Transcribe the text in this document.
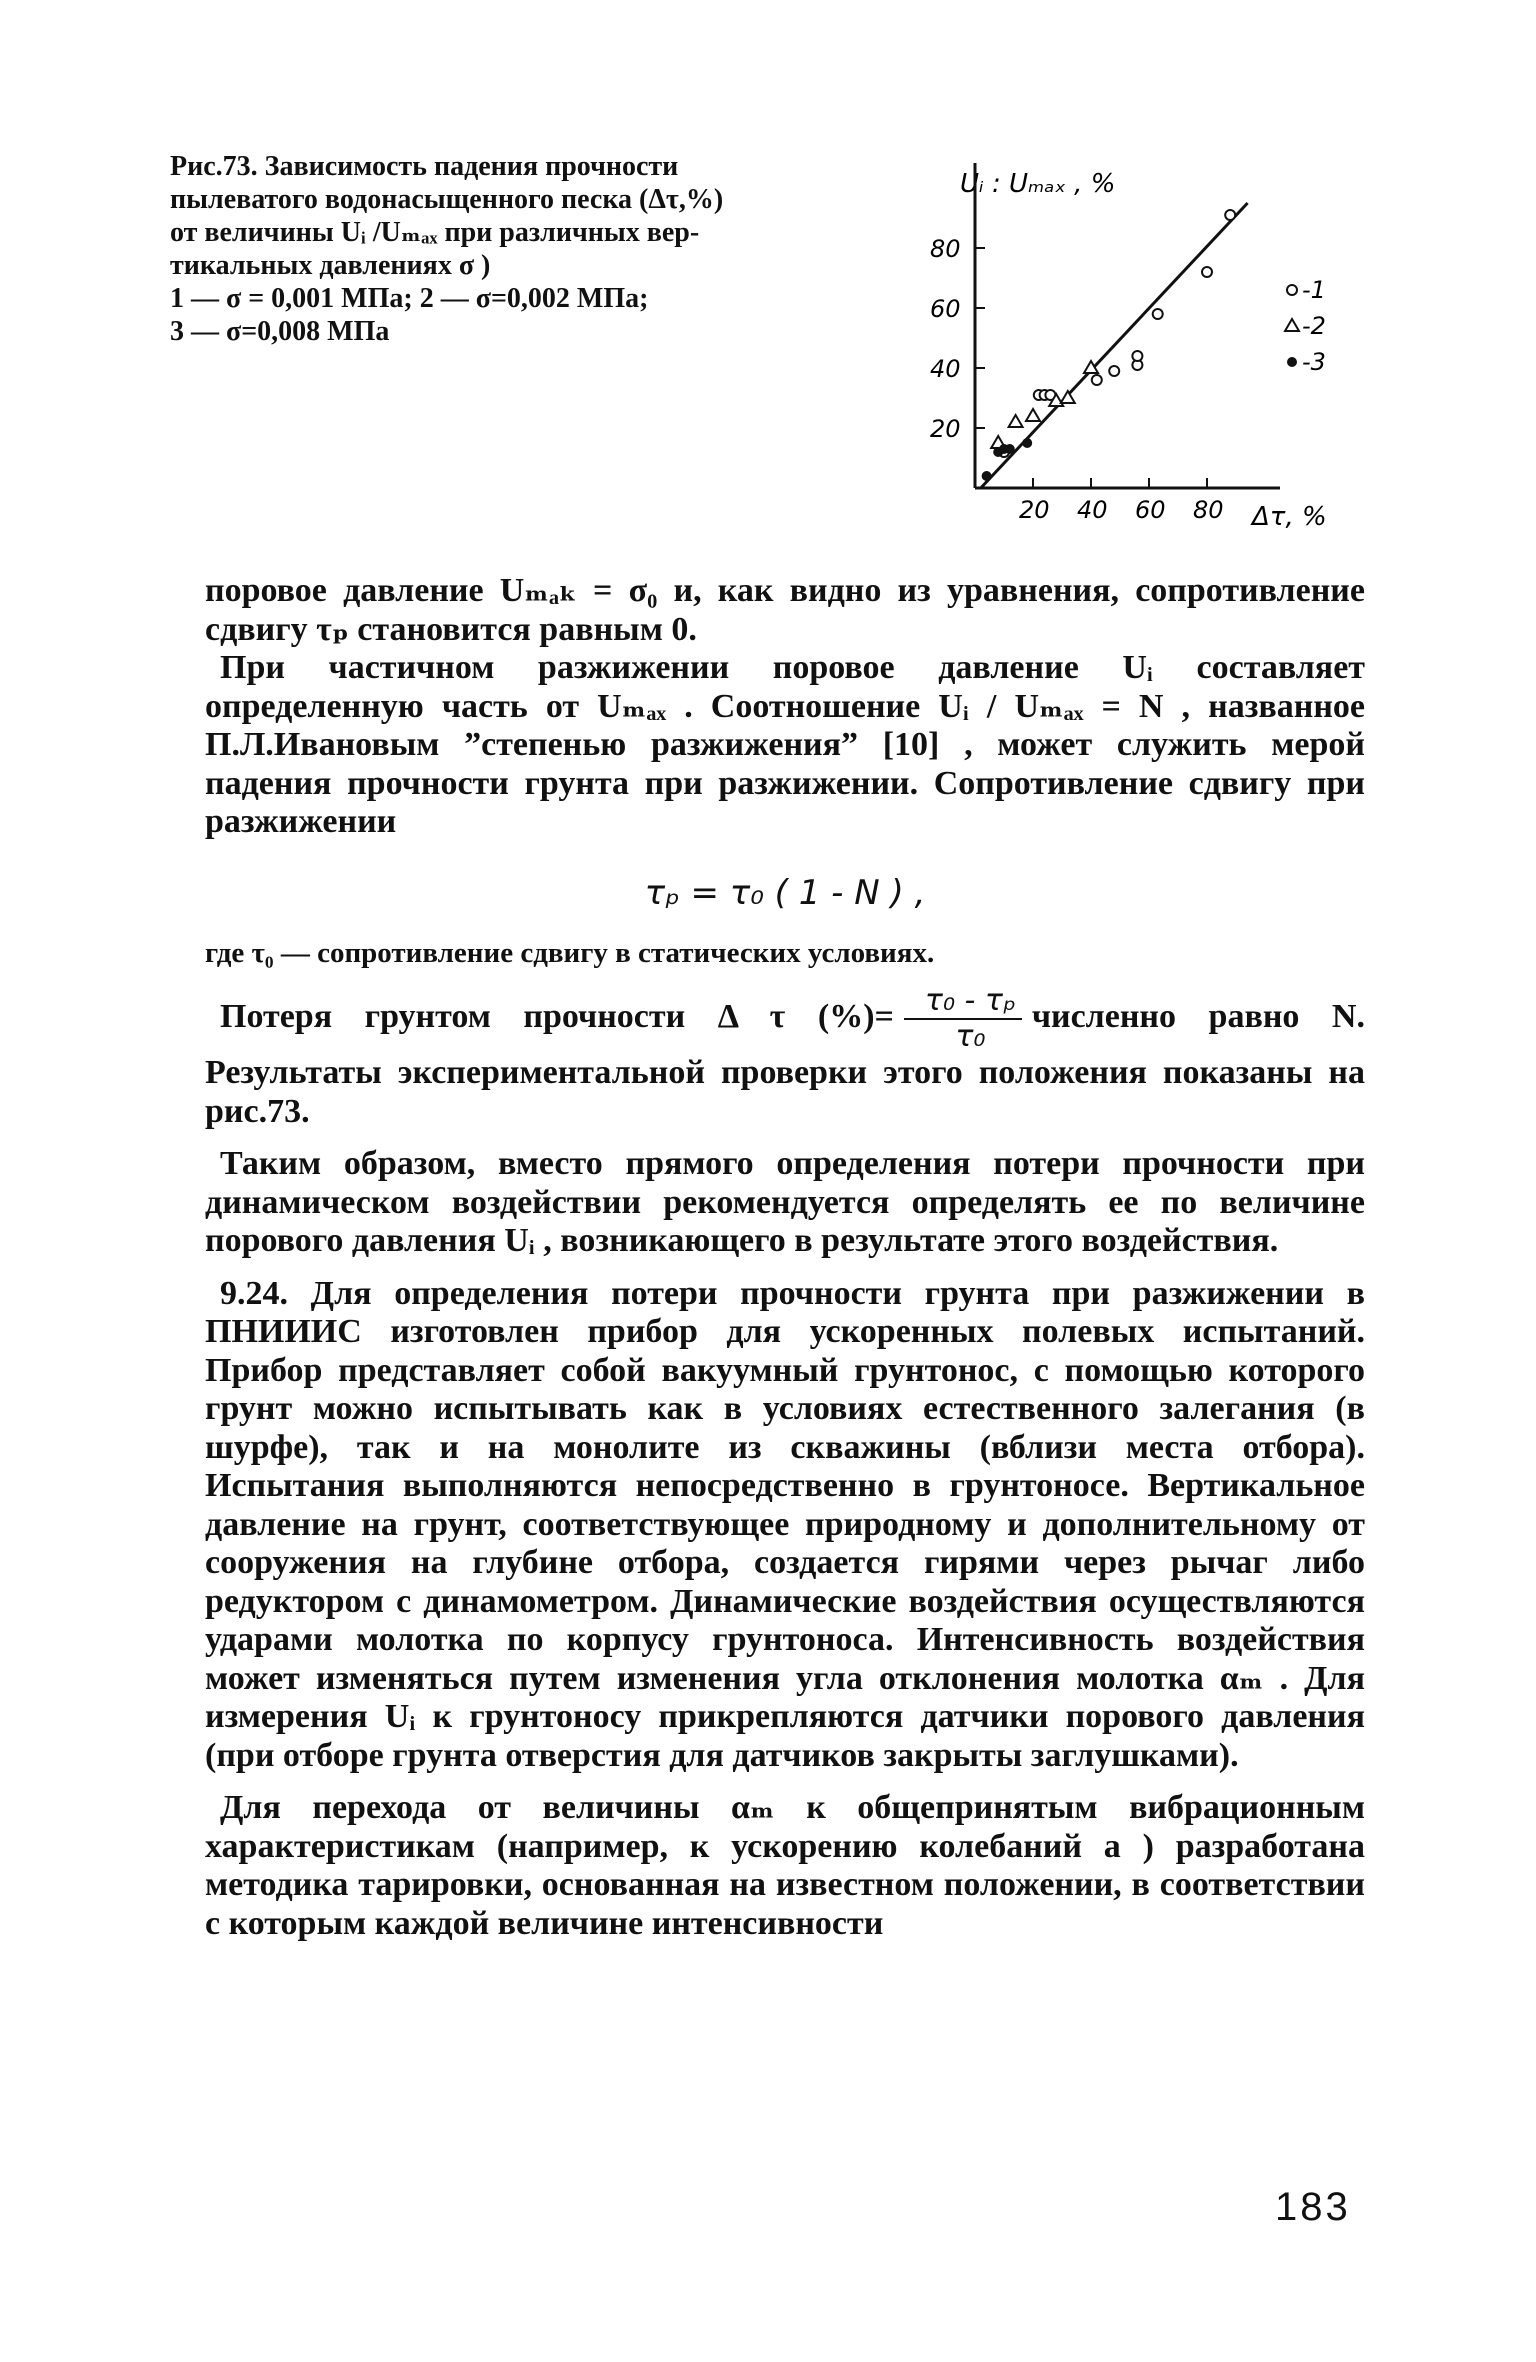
Рис.73. Зависимость падения прочности
пылеватого водонасыщенного песка (Δτ,%)
от величины Uᵢ /Uₘₐₓ при различных вер-
тикальных давлениях σ )
1 — σ = 0,001 МПа; 2 — σ=0,002 МПа;
3 — σ=0,008 МПа
Uᵢ : Uₘₐₓ , %
Δτ, %
20 40 60 80
80
60
40
20
-1
-2
-3

поровое давление Uₘₐₖ = σ₀ и, как видно из уравнения, сопротивление сдвигу τₚ становится равным 0.

При частичном разжижении поровое давление Uᵢ составляет определенную часть от Uₘₐₓ . Соотношение Uᵢ / Uₘₐₓ = N , названное П.Л.Ивановым ”степенью разжижения” [10] , может служить мерой падения прочности грунта при разжижении. Сопротивление сдвигу при разжижении

τₚ = τ₀ ( 1 - N ) ,

где τ₀ — сопротивление сдвигу в статических условиях.

Потеря грунтом прочности Δ τ (%)= $\frac{\text{τ₀ - τₚ}}{\text{τ₀}}$ численно равно N. Результаты экспериментальной проверки этого положения показаны на рис.73.

Таким образом, вместо прямого определения потери прочности при динамическом воздействии рекомендуется определять ее по величине порового давления Uᵢ , возникающего в результате этого воздействия.

9.24. Для определения потери прочности грунта при разжижении в ПНИИИС изготовлен прибор для ускоренных полевых испытаний. Прибор представляет собой вакуумный грунтонос, с помощью которого грунт можно испытывать как в условиях естественного залегания (в шурфе), так и на монолите из скважины (вблизи места отбора). Испытания выполняются непосредственно в грунтоносе. Вертикальное давление на грунт, соответствующее природному и дополнительному от сооружения на глубине отбора, создается гирями через рычаг либо редуктором с динамометром. Динамические воздействия осуществляются ударами молотка по корпусу грунтоноса. Интенсивность воздействия может изменяться путем изменения угла отклонения молотка αₘ . Для измерения Uᵢ к грунтоносу прикрепляются датчики порового давления (при отборе грунта отверстия для датчиков закрыты заглушками).

Для перехода от величины αₘ к общепринятым вибрационным характеристикам (например, к ускорению колебаний a ) разработана методика тарировки, основанная на известном положении, в соответствии с которым каждой величине интенсивности

183
